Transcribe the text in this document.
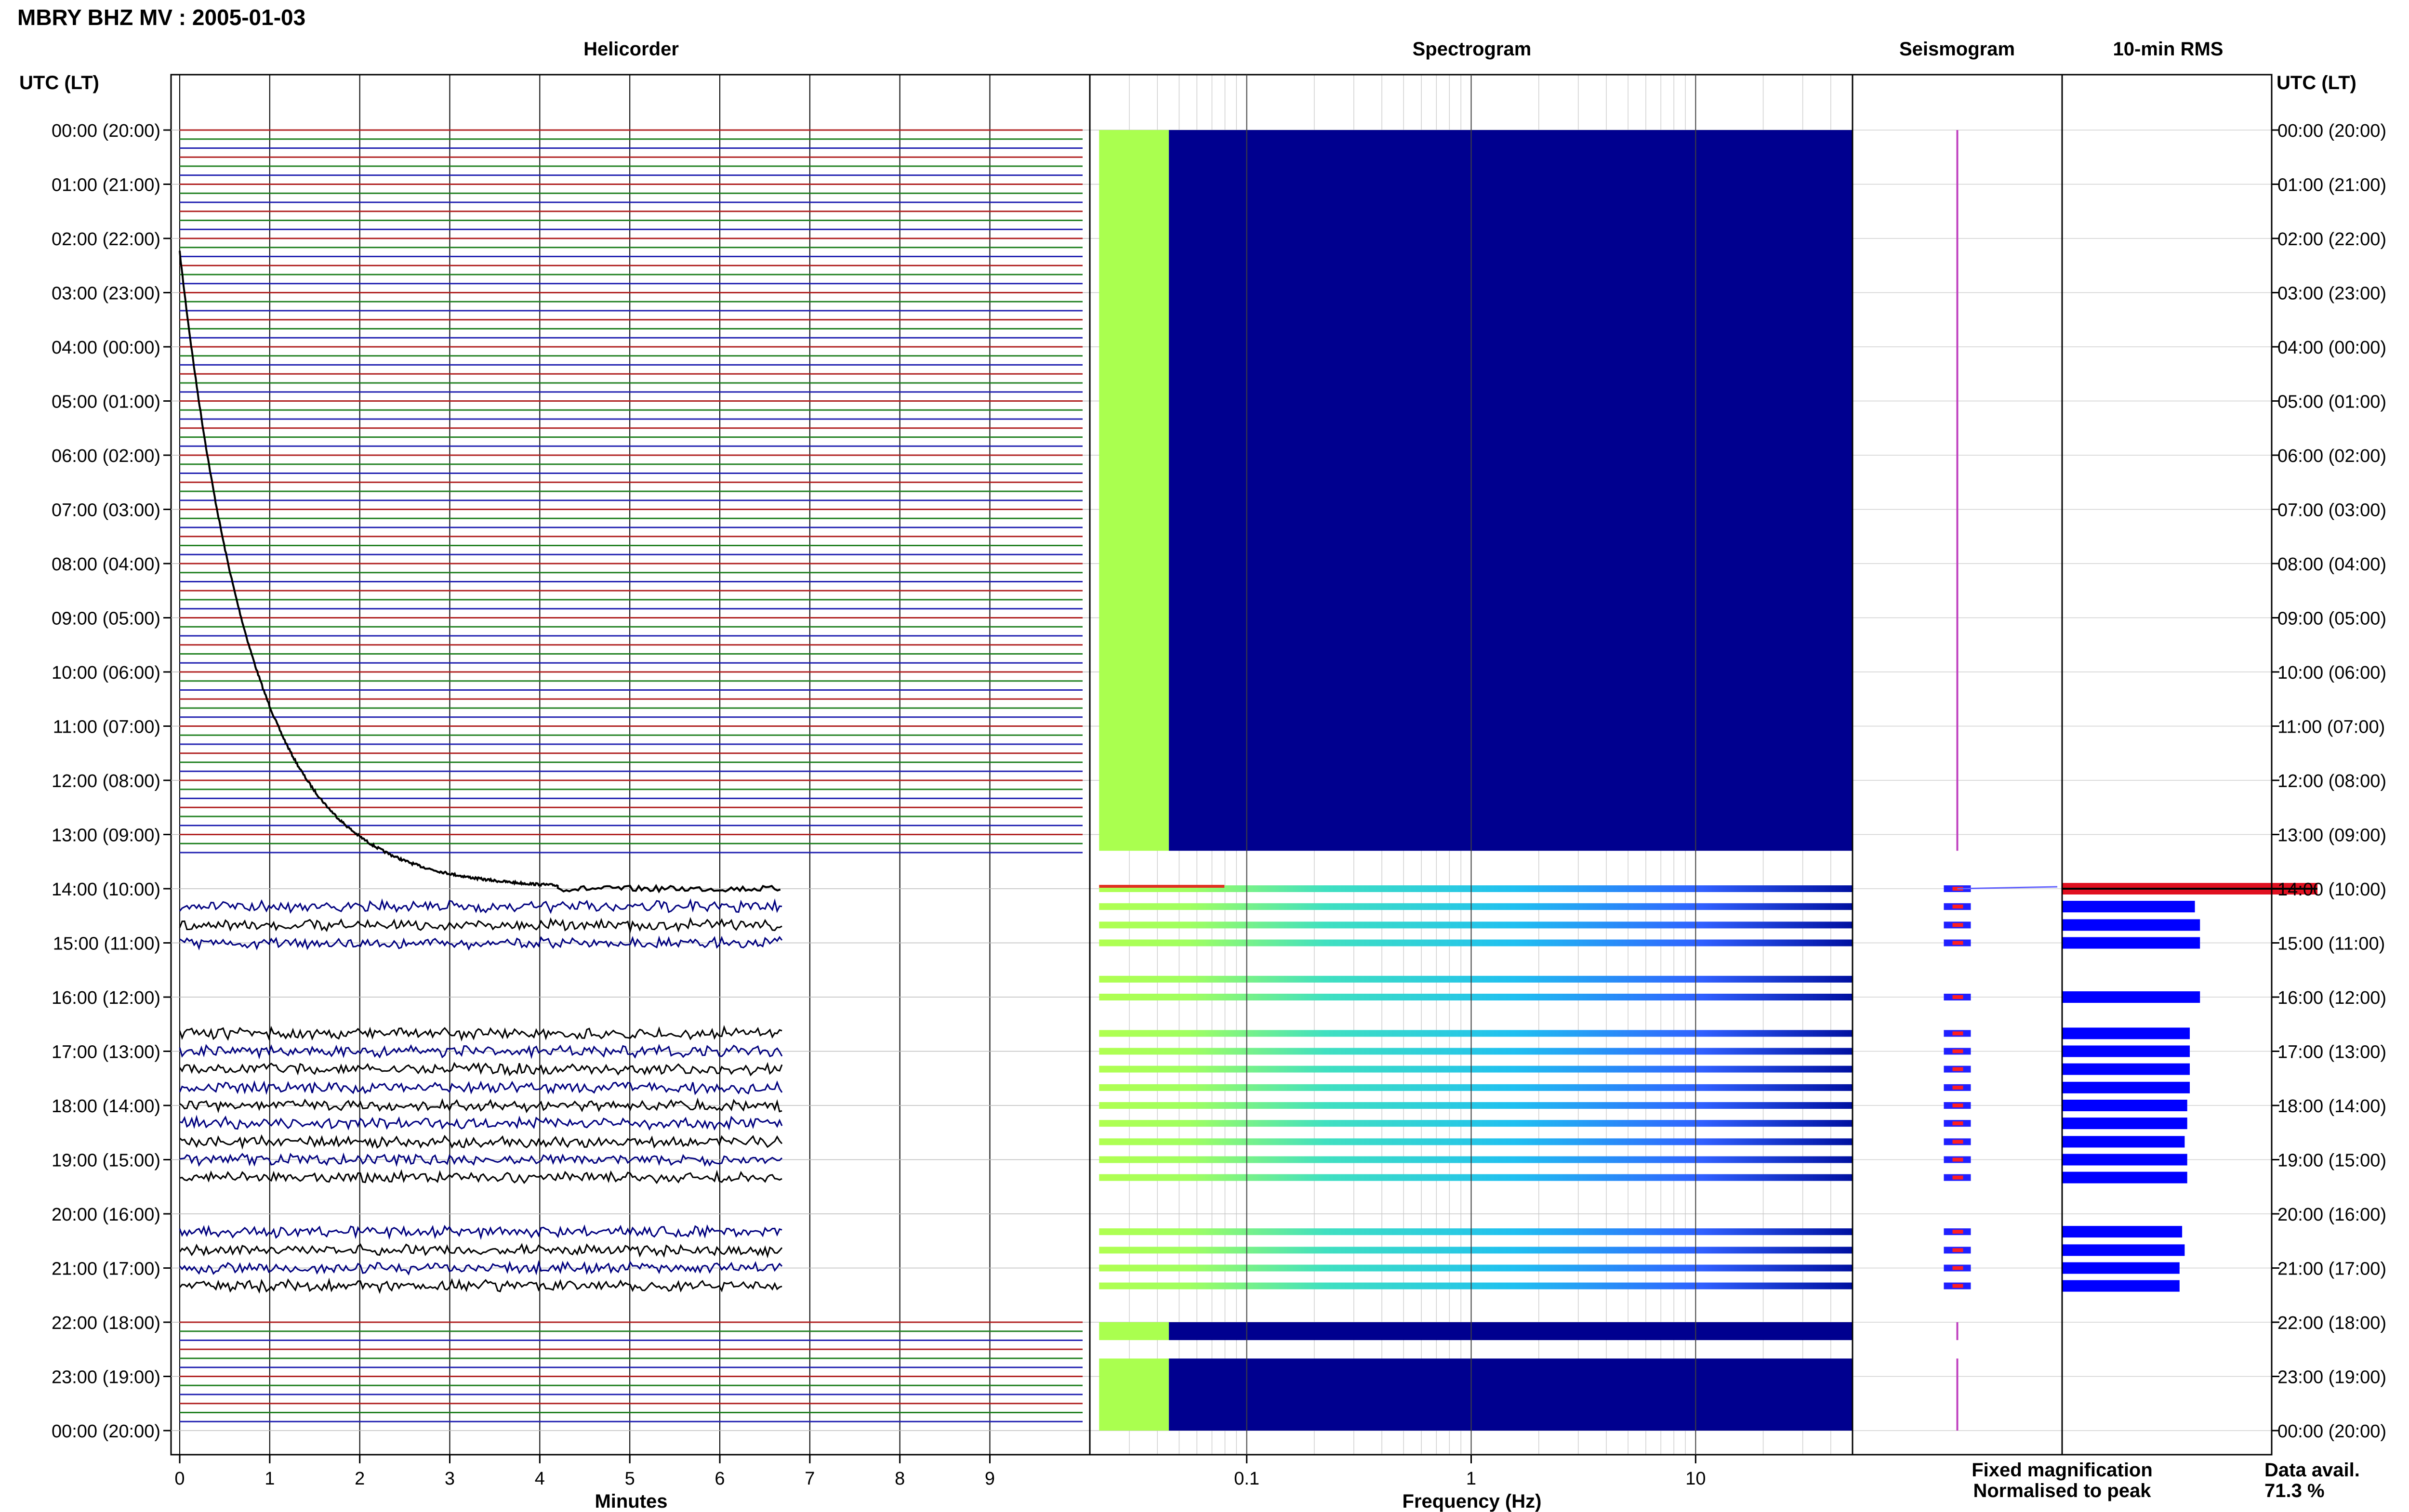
MBRY BHZ MV : 2005-01-03
Helicorder	Spectrogram	Seismogram	10-min RMS
UTC (LT)	UTC (LT)
0	1	2	3	4	5	6	7	8	9	0.1	1	10
00:00 (20:00)	00:00 (20:00)
01:00 (21:00)	01:00 (21:00)
02:00 (22:00)	02:00 (22:00)
03:00 (23:00)	03:00 (23:00)
04:00 (00:00)	04:00 (00:00)
05:00 (01:00)	05:00 (01:00)
06:00 (02:00)	06:00 (02:00)
07:00 (03:00)	07:00 (03:00)
08:00 (04:00)	08:00 (04:00)
09:00 (05:00)	09:00 (05:00)
10:00 (06:00)	10:00 (06:00)
11:00 (07:00)	11:00 (07:00)
12:00 (08:00)	12:00 (08:00)
13:00 (09:00)	13:00 (09:00)
14:00 (10:00)	14:00 (10:00)
15:00 (11:00)	15:00 (11:00)
16:00 (12:00)	16:00 (12:00)
17:00 (13:00)	17:00 (13:00)
18:00 (14:00)	18:00 (14:00)
19:00 (15:00)	19:00 (15:00)
20:00 (16:00)	20:00 (16:00)
21:00 (17:00)	21:00 (17:00)
22:00 (18:00)	22:00 (18:00)
23:00 (19:00)	23:00 (19:00)
00:00 (20:00)	00:00 (20:00)
Minutes	Frequency (Hz)
Fixed magnification
Normalised to peak
Data avail.
71.3 %
